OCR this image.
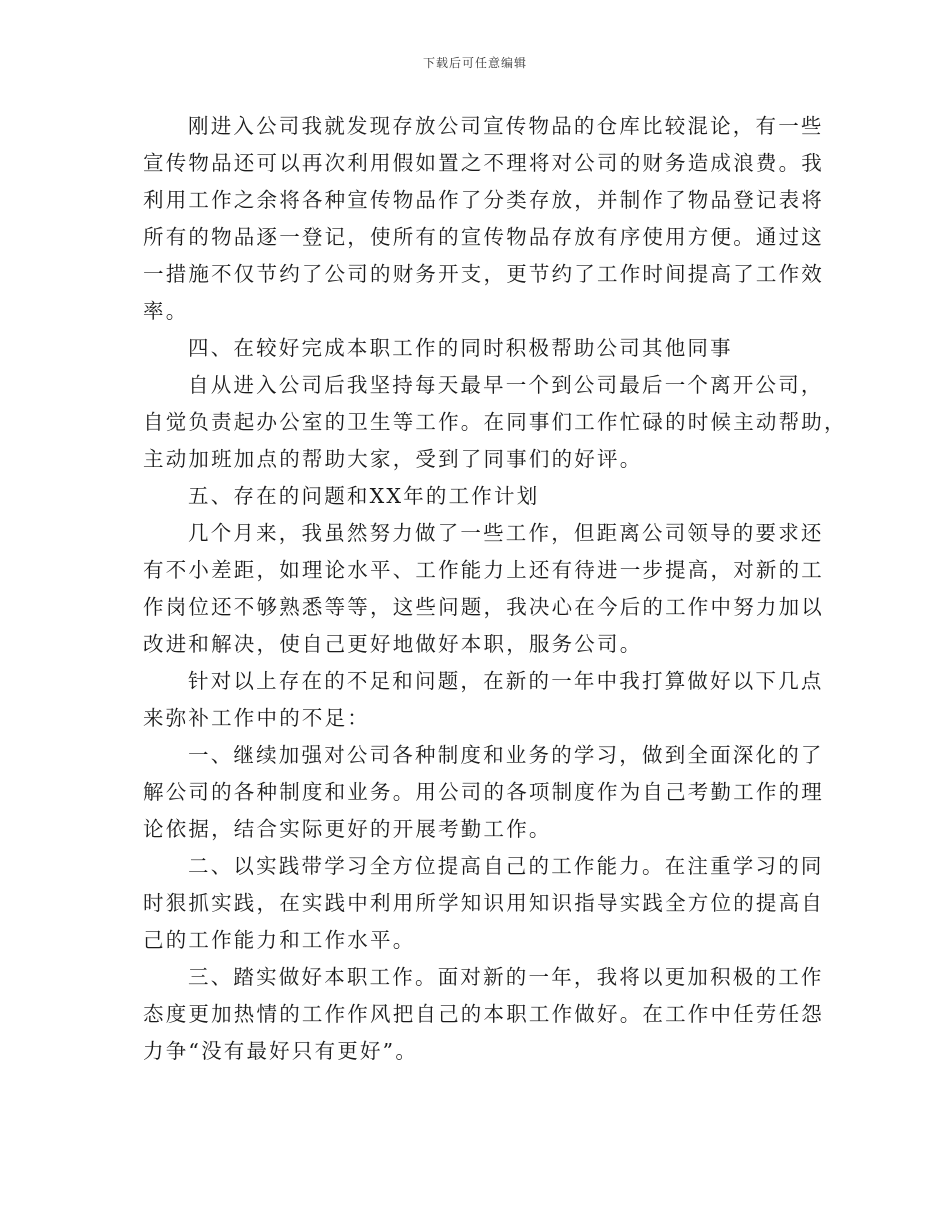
下载后可任意编辑
刚进入公司我就发现存放公司宣传物品的仓库比较混论，有一些
宣传物品还可以再次利用假如置之不理将对公司的财务造成浪费。我
利用工作之余将各种宣传物品作了分类存放，并制作了物品登记表将
所有的物品逐一登记，使所有的宣传物品存放有序使用方便。通过这
一措施不仅节约了公司的财务开支，更节约了工作时间提高了工作效
率。
四、在较好完成本职工作的同时积极帮助公司其他同事
自从进入公司后我坚持每天最早一个到公司最后一个离开公司，
自觉负责起办公室的卫生等工作。在同事们工作忙碌的时候主动帮助，
主动加班加点的帮助大家，受到了同事们的好评。
五、存在的问题和XX年的工作计划
几个月来，我虽然努力做了一些工作，但距离公司领导的要求还
有不小差距，如理论水平、工作能力上还有待进一步提高，对新的工
作岗位还不够熟悉等等，这些问题，我决心在今后的工作中努力加以
改进和解决，使自己更好地做好本职，服务公司。
针对以上存在的不足和问题，在新的一年中我打算做好以下几点
来弥补工作中的不足：
一、继续加强对公司各种制度和业务的学习，做到全面深化的了
解公司的各种制度和业务。用公司的各项制度作为自己考勤工作的理
论依据，结合实际更好的开展考勤工作。
二、以实践带学习全方位提高自己的工作能力。在注重学习的同
时狠抓实践，在实践中利用所学知识用知识指导实践全方位的提高自
己的工作能力和工作水平。
三、踏实做好本职工作。面对新的一年，我将以更加积极的工作
态度更加热情的工作作风把自己的本职工作做好。在工作中任劳任怨
力争“没有最好只有更好”。
